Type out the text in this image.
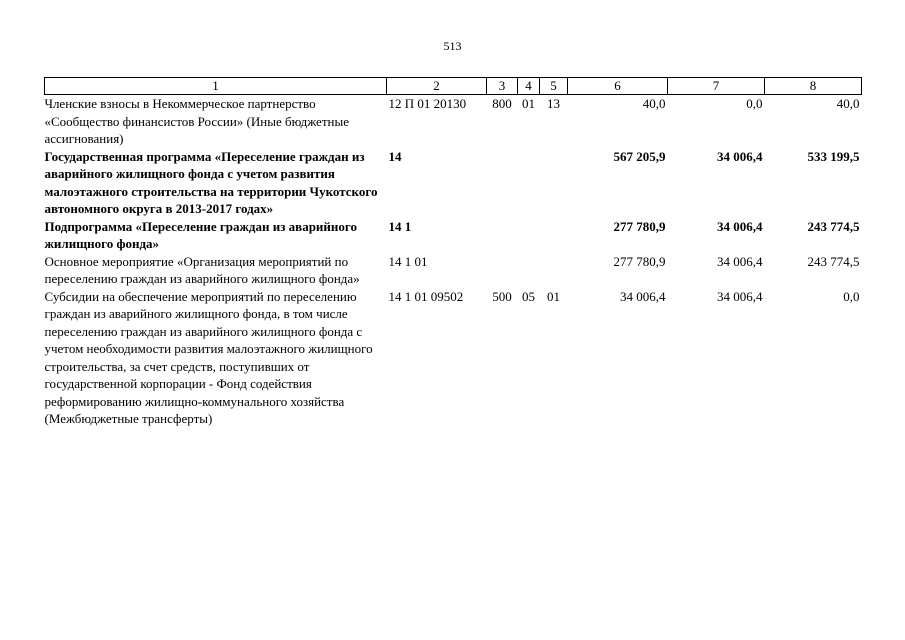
513
1	2	3	4	5	6	7	8
Членские взносы в Некоммерческое партнерство «Сообщество финансистов России» (Иные бюджетные ассигнования)	12 П 01 20130	800	01	13	40,0	0,0	40,0
Государственная программа «Переселение граждан из аварийного жилищного фонда с учетом развития малоэтажного строительства на территории Чукотского автономного округа в 2013-2017 годах»	14				567 205,9	34 006,4	533 199,5
Подпрограмма «Переселение граждан из аварийного жилищного фонда»	14 1				277 780,9	34 006,4	243 774,5
Основное мероприятие «Организация мероприятий по переселению граждан из аварийного жилищного фонда»	14 1 01				277 780,9	34 006,4	243 774,5
Субсидии на обеспечение мероприятий по переселению граждан из аварийного жилищного фонда, в том числе переселению граждан из аварийного жилищного фонда с учетом необходимости развития малоэтажного жилищного строительства, за счет средств, поступивших от государственной корпорации - Фонд содействия реформированию жилищно-коммунального хозяйства (Межбюджетные трансферты)	14 1 01 09502	500	05	01	34 006,4	34 006,4	0,0
